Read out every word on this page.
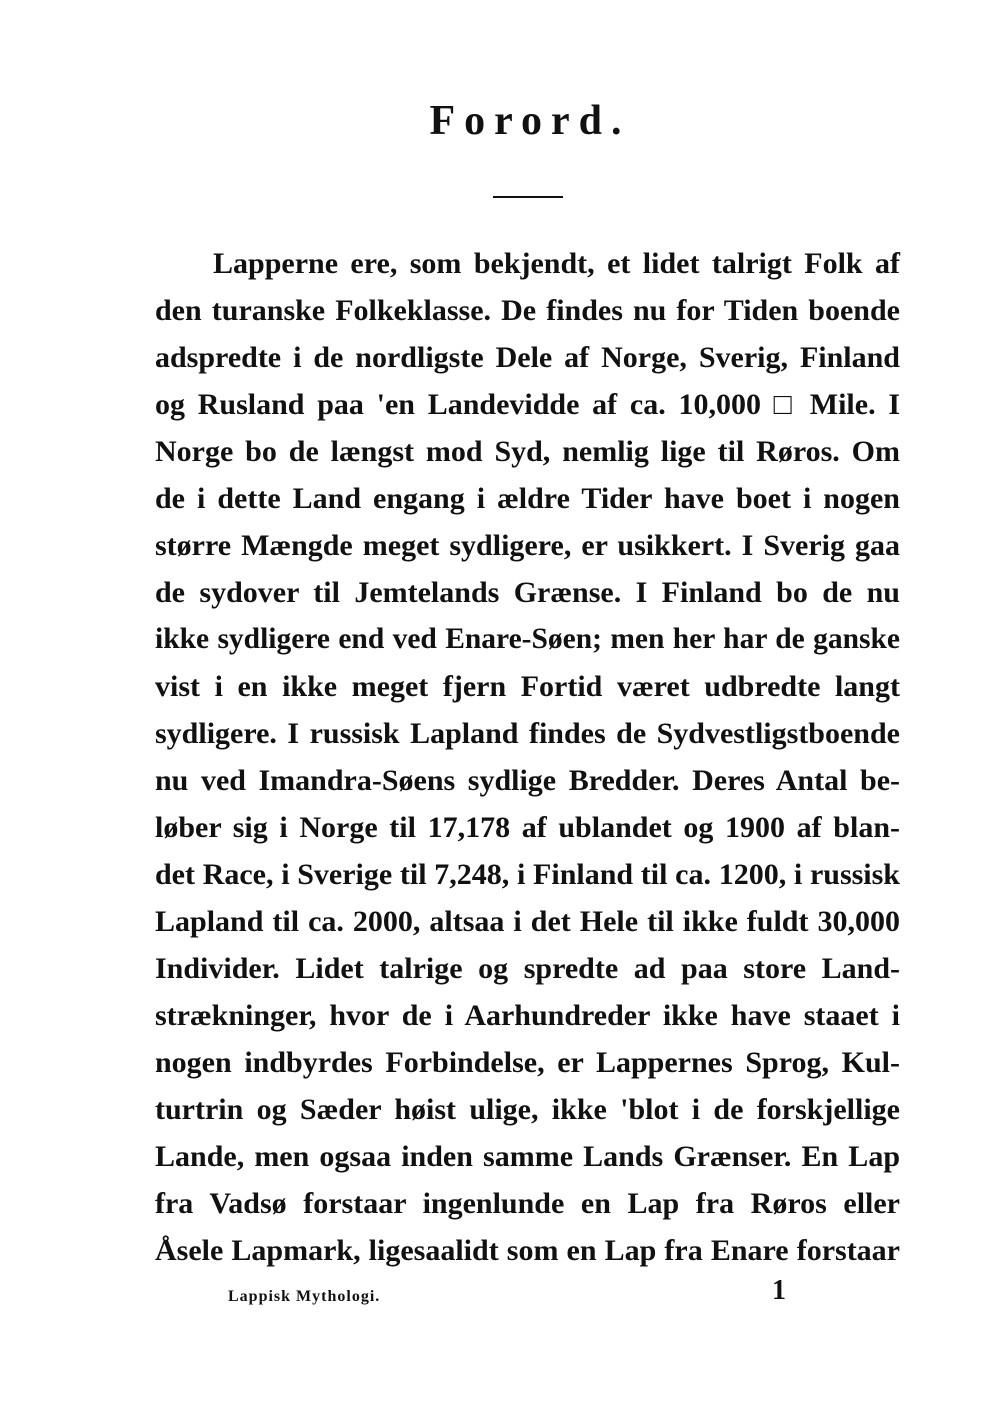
Forord.
Lapperne ere, som bekjendt, et lidet talrigt Folk af
den turanske Folkeklasse. De findes nu for Tiden boende
adspredte i de nordligste Dele af Norge, Sverig, Finland
og Rusland paa 'en Landevidde af ca. 10,000 □ Mile. I
Norge bo de længst mod Syd, nemlig lige til Røros. Om
de i dette Land engang i ældre Tider have boet i nogen
større Mængde meget sydligere, er usikkert. I Sverig gaa
de sydover til Jemtelands Grænse. I Finland bo de nu
ikke sydligere end ved Enare-Søen; men her har de ganske
vist i en ikke meget fjern Fortid været udbredte langt
sydligere. I russisk Lapland findes de Sydvestligstboende
nu ved Imandra-Søens sydlige Bredder. Deres Antal be-
løber sig i Norge til 17,178 af ublandet og 1900 af blan-
det Race, i Sverige til 7,248, i Finland til ca. 1200, i russisk
Lapland til ca. 2000, altsaa i det Hele til ikke fuldt 30,000
Individer. Lidet talrige og spredte ad paa store Land-
strækninger, hvor de i Aarhundreder ikke have staaet i
nogen indbyrdes Forbindelse, er Lappernes Sprog, Kul-
turtrin og Sæder høist ulige, ikke 'blot i de forskjellige
Lande, men ogsaa inden samme Lands Grænser. En Lap
fra Vadsø forstaar ingenlunde en Lap fra Røros eller
Åsele Lapmark, ligesaalidt som en Lap fra Enare forstaar
Lappisk Mythologi.	1
